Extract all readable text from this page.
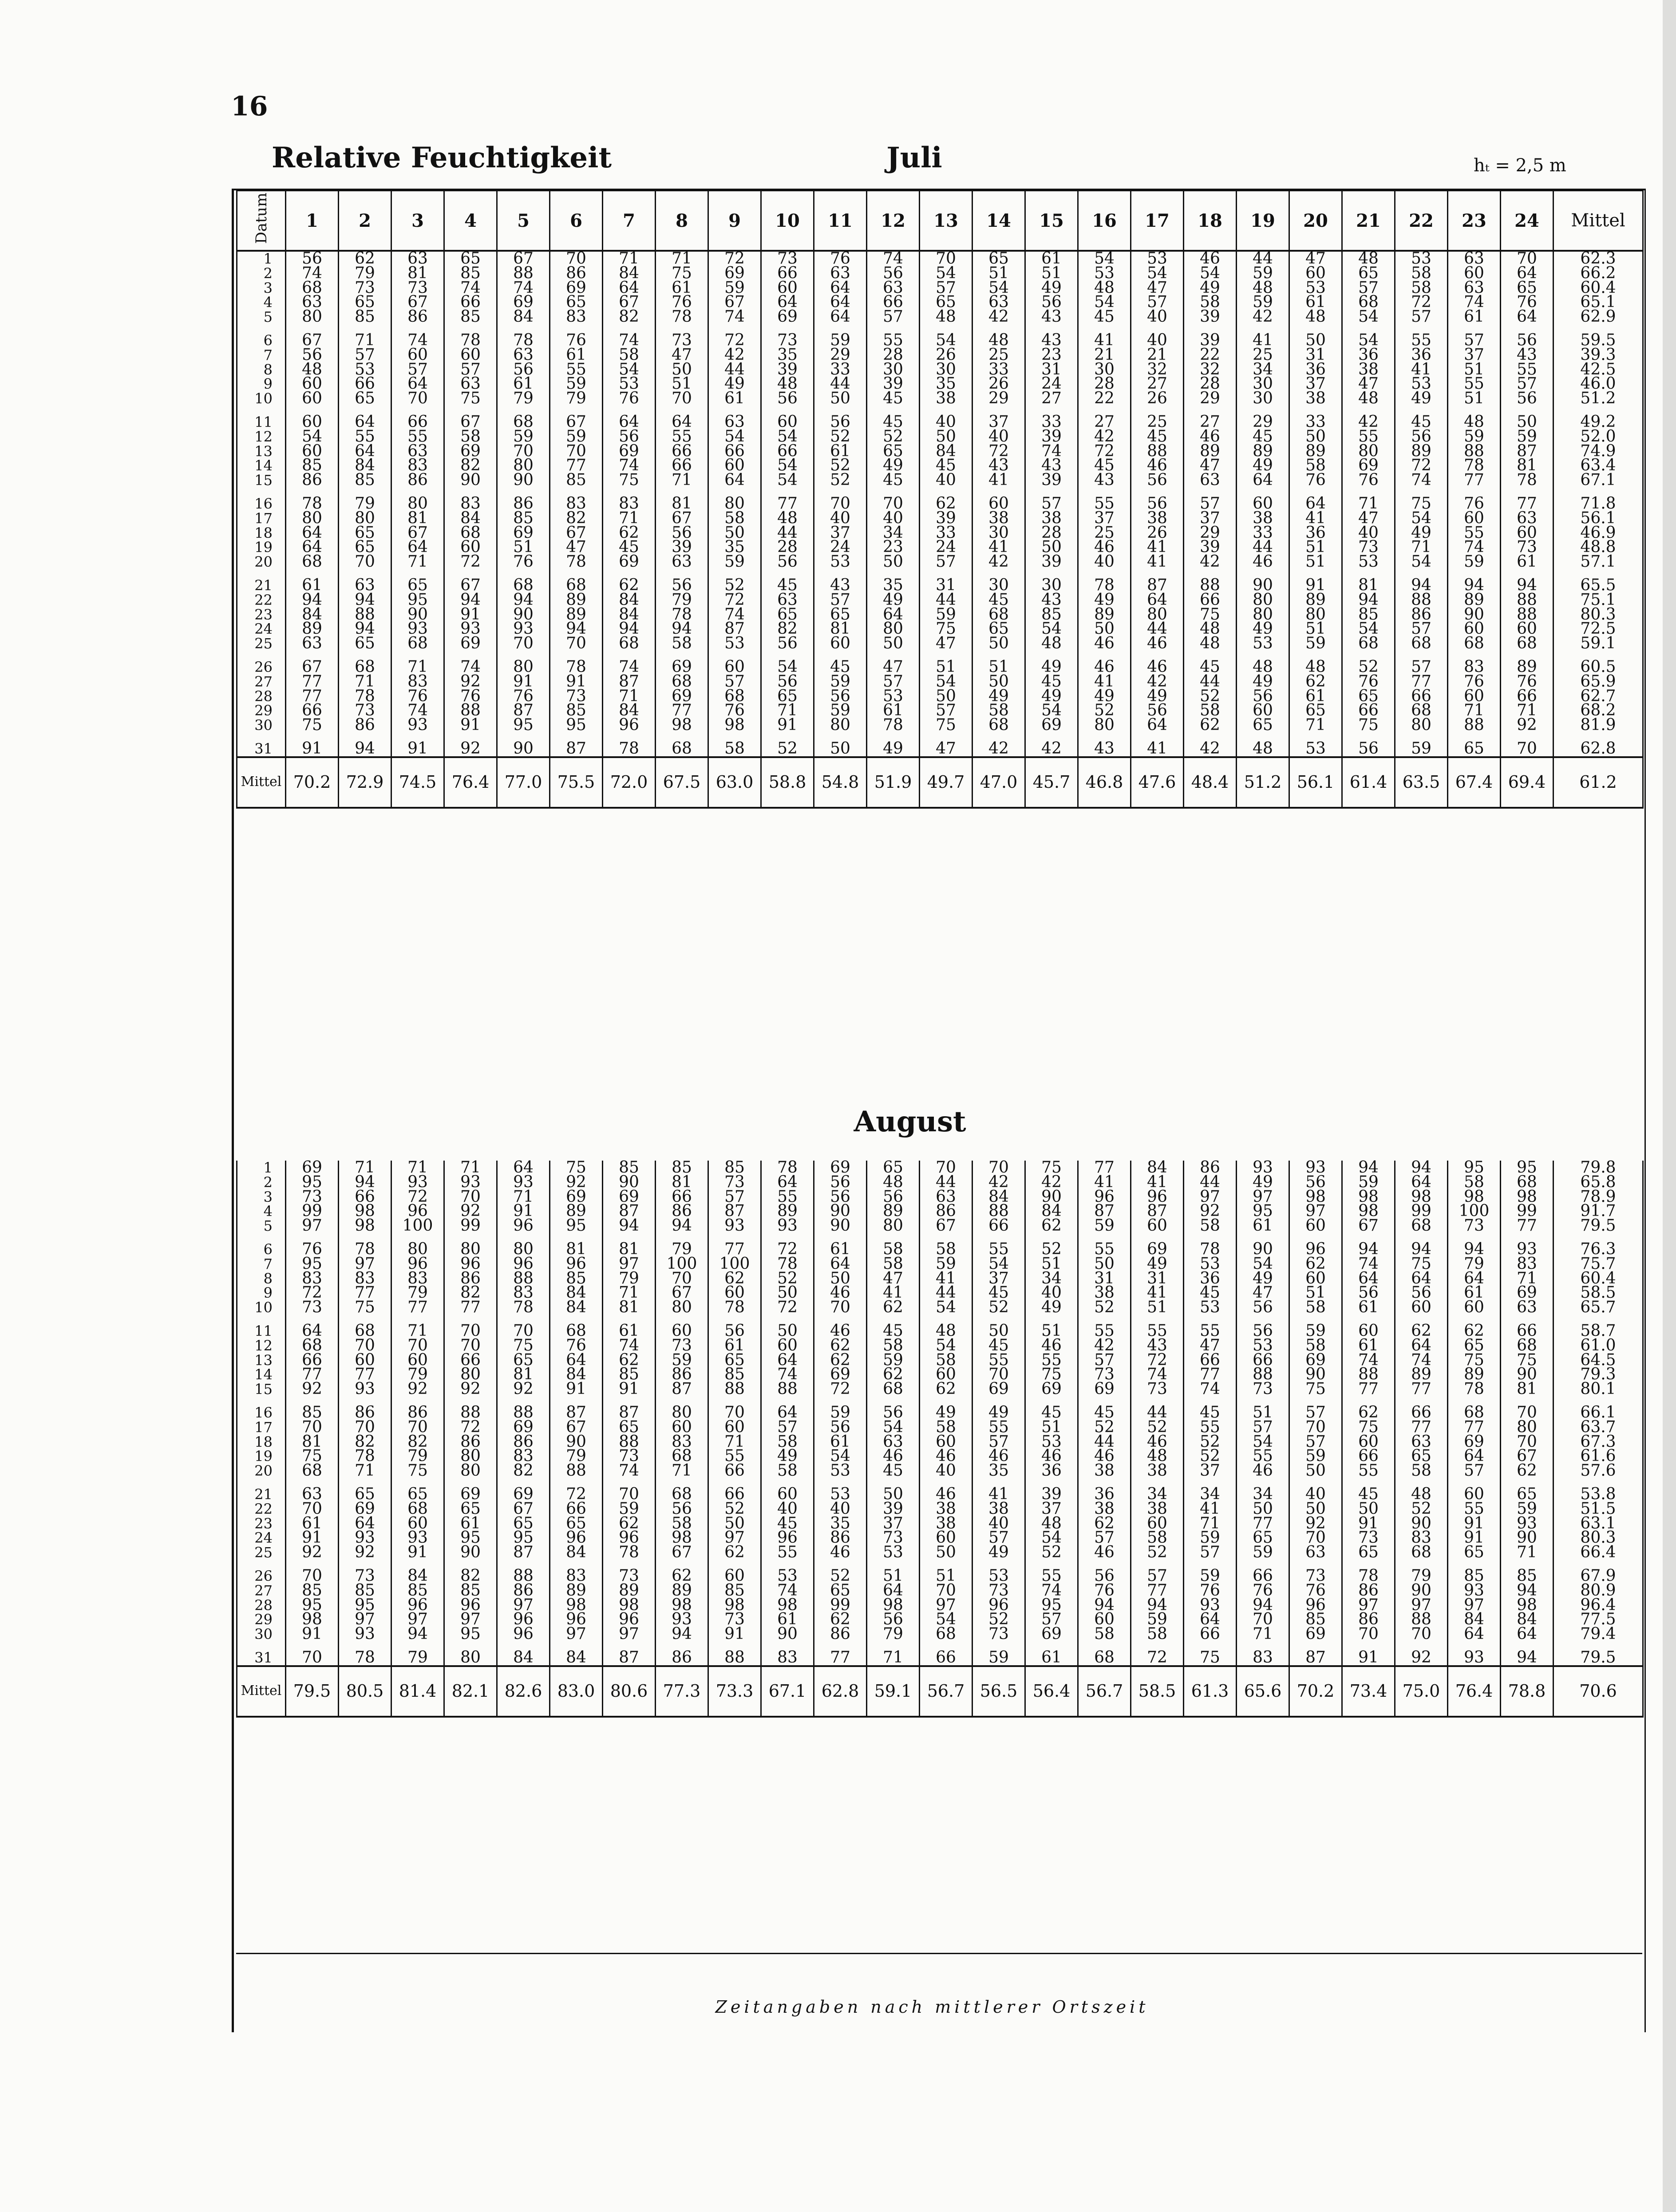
16
Relative Feuchtigkeit	Juli	hₜ = 2,5 m
Datum	1	2	3	4	5	6	7	8	9	10	11	12	13	14	15	16	17	18	19	20	21	22	23	24	Mittel
1	56	62	63	65	67	70	71	71	72	73	76	74	70	65	61	54	53	46	44	47	48	53	63	70	62.3
2	74	79	81	85	88	86	84	75	69	66	63	56	54	51	51	53	54	54	59	60	65	58	60	64	66.2
3	68	73	73	74	74	69	64	61	59	60	64	63	57	54	49	48	47	49	48	53	57	58	63	65	60.4
4	63	65	67	66	69	65	67	76	67	64	64	66	65	63	56	54	57	58	59	61	68	72	74	76	65.1
5	80	85	86	85	84	83	82	78	74	69	64	57	48	42	43	45	40	39	42	48	54	57	61	64	62.9

6	67	71	74	78	78	76	74	73	72	73	59	55	54	48	43	41	40	39	41	50	54	55	57	56	59.5
7	56	57	60	60	63	61	58	47	42	35	29	28	26	25	23	21	21	22	25	31	36	36	37	43	39.3
8	48	53	57	57	56	55	54	50	44	39	33	30	30	33	31	30	32	32	34	36	38	41	51	55	42.5
9	60	66	64	63	61	59	53	51	49	48	44	39	35	26	24	28	27	28	30	37	47	53	55	57	46.0
10	60	65	70	75	79	79	76	70	61	56	50	45	38	29	27	22	26	29	30	38	48	49	51	56	51.2

11	60	64	66	67	68	67	64	64	63	60	56	45	40	37	33	27	25	27	29	33	42	45	48	50	49.2
12	54	55	55	58	59	59	56	55	54	54	52	52	50	40	39	42	45	46	45	50	55	56	59	59	52.0
13	60	64	63	69	70	70	69	66	66	66	61	65	84	72	74	72	88	89	89	89	80	89	88	87	74.9
14	85	84	83	82	80	77	74	66	60	54	52	49	45	43	43	45	46	47	49	58	69	72	78	81	63.4
15	86	85	86	90	90	85	75	71	64	54	52	45	40	41	39	43	56	63	64	76	76	74	77	78	67.1

16	78	79	80	83	86	83	83	81	80	77	70	70	62	60	57	55	56	57	60	64	71	75	76	77	71.8
17	80	80	81	84	85	82	71	67	58	48	40	40	39	38	38	37	38	37	38	41	47	54	60	63	56.1
18	64	65	67	68	69	67	62	56	50	44	37	34	33	30	28	25	26	29	33	36	40	49	55	60	46.9
19	64	65	64	60	51	47	45	39	35	28	24	23	24	41	50	46	41	39	44	51	73	71	74	73	48.8
20	68	70	71	72	76	78	69	63	59	56	53	50	57	42	39	40	41	42	46	51	53	54	59	61	57.1

21	61	63	65	67	68	68	62	56	52	45	43	35	31	30	30	78	87	88	90	91	81	94	94	94	65.5
22	94	94	95	94	94	89	84	79	72	63	57	49	44	45	43	49	64	66	80	89	94	88	89	88	75.1
23	84	88	90	91	90	89	84	78	74	65	65	64	59	68	85	89	80	75	80	80	85	86	90	88	80.3
24	89	94	93	93	93	94	94	94	87	82	81	80	75	65	54	50	44	48	49	51	54	57	60	60	72.5
25	63	65	68	69	70	70	68	58	53	56	60	50	47	50	48	46	46	48	53	59	68	68	68	68	59.1

26	67	68	71	74	80	78	74	69	60	54	45	47	51	51	49	46	46	45	48	48	52	57	83	89	60.5
27	77	71	83	92	91	91	87	68	57	56	59	57	54	50	45	41	42	44	49	62	76	77	76	76	65.9
28	77	78	76	76	76	73	71	69	68	65	56	53	50	49	49	49	49	52	56	61	65	66	60	66	62.7
29	66	73	74	88	87	85	84	77	76	71	59	61	57	58	54	52	56	58	60	65	66	68	71	71	68.2
30	75	86	93	91	95	95	96	98	98	91	80	78	75	68	69	80	64	62	65	71	75	80	88	92	81.9

31	91	94	91	92	90	87	78	68	58	52	50	49	47	42	42	43	41	42	48	53	56	59	65	70	62.8
Mittel	70.2	72.9	74.5	76.4	77.0	75.5	72.0	67.5	63.0	58.8	54.8	51.9	49.7	47.0	45.7	46.8	47.6	48.4	51.2	56.1	61.4	63.5	67.4	69.4	61.2
August
1	69	71	71	71	64	75	85	85	85	78	69	65	70	70	75	77	84	86	93	93	94	94	95	95	79.8
2	95	94	93	93	93	92	90	81	73	64	56	48	44	42	42	41	41	44	49	56	59	64	58	68	65.8
3	73	66	72	70	71	69	69	66	57	55	56	56	63	84	90	96	96	97	97	98	98	98	98	98	78.9
4	99	98	96	92	91	89	87	86	87	89	90	89	86	88	84	87	87	92	95	97	98	99	100	99	91.7
5	97	98	100	99	96	95	94	94	93	93	90	80	67	66	62	59	60	58	61	60	67	68	73	77	79.5

6	76	78	80	80	80	81	81	79	77	72	61	58	58	55	52	55	69	78	90	96	94	94	94	93	76.3
7	95	97	96	96	96	96	97	100	100	78	64	58	59	54	51	50	49	53	54	62	74	75	79	83	75.7
8	83	83	83	86	88	85	79	70	62	52	50	47	41	37	34	31	31	36	49	60	64	64	64	71	60.4
9	72	77	79	82	83	84	71	67	60	50	46	41	44	45	40	38	41	45	47	51	56	56	61	69	58.5
10	73	75	77	77	78	84	81	80	78	72	70	62	54	52	49	52	51	53	56	58	61	60	60	63	65.7

11	64	68	71	70	70	68	61	60	56	50	46	45	48	50	51	55	55	55	56	59	60	62	62	66	58.7
12	68	70	70	70	75	76	74	73	61	60	62	58	54	45	46	42	43	47	53	58	61	64	65	68	61.0
13	66	60	60	66	65	64	62	59	65	64	62	59	58	55	55	57	72	66	66	69	74	74	75	75	64.5
14	77	77	79	80	81	84	85	86	85	74	69	62	60	70	75	73	74	77	88	90	88	89	89	90	79.3
15	92	93	92	92	92	91	91	87	88	88	72	68	62	69	69	69	73	74	73	75	77	77	78	81	80.1

16	85	86	86	88	88	87	87	80	70	64	59	56	49	49	45	45	44	45	51	57	62	66	68	70	66.1
17	70	70	70	72	69	67	65	60	60	57	56	54	58	55	51	52	52	55	57	70	75	77	77	80	63.7
18	81	82	82	86	86	90	88	83	71	58	61	63	60	57	53	44	46	52	54	57	60	63	69	70	67.3
19	75	78	79	80	83	79	73	68	55	49	54	46	46	46	46	46	48	52	55	59	66	65	64	67	61.6
20	68	71	75	80	82	88	74	71	66	58	53	45	40	35	36	38	38	37	46	50	55	58	57	62	57.6

21	63	65	65	69	69	72	70	68	66	60	53	50	46	41	39	36	34	34	34	40	45	48	60	65	53.8
22	70	69	68	65	67	66	59	56	52	40	40	39	38	38	37	38	38	41	50	50	50	52	55	59	51.5
23	61	64	60	61	65	65	62	58	50	45	35	37	38	40	48	62	60	71	77	92	91	90	91	93	63.1
24	91	93	93	95	95	96	96	98	97	96	86	73	60	57	54	57	58	59	65	70	73	83	91	90	80.3
25	92	92	91	90	87	84	78	67	62	55	46	53	50	49	52	46	52	57	59	63	65	68	65	71	66.4

26	70	73	84	82	88	83	73	62	60	53	52	51	51	53	55	56	57	59	66	73	78	79	85	85	67.9
27	85	85	85	85	86	89	89	89	85	74	65	64	70	73	74	76	77	76	76	76	86	90	93	94	80.9
28	95	95	96	96	97	98	98	98	98	98	99	98	97	96	95	94	94	93	94	96	97	97	97	98	96.4
29	98	97	97	97	96	96	96	93	73	61	62	56	54	52	57	60	59	64	70	85	86	88	84	84	77.5
30	91	93	94	95	96	97	97	94	91	90	86	79	68	73	69	58	58	66	71	69	70	70	64	64	79.4

31	70	78	79	80	84	84	87	86	88	83	77	71	66	59	61	68	72	75	83	87	91	92	93	94	79.5
Mittel	79.5	80.5	81.4	82.1	82.6	83.0	80.6	77.3	73.3	67.1	62.8	59.1	56.7	56.5	56.4	56.7	58.5	61.3	65.6	70.2	73.4	75.0	76.4	78.8	70.6
Zeitangaben nach mittlerer Ortszeit
